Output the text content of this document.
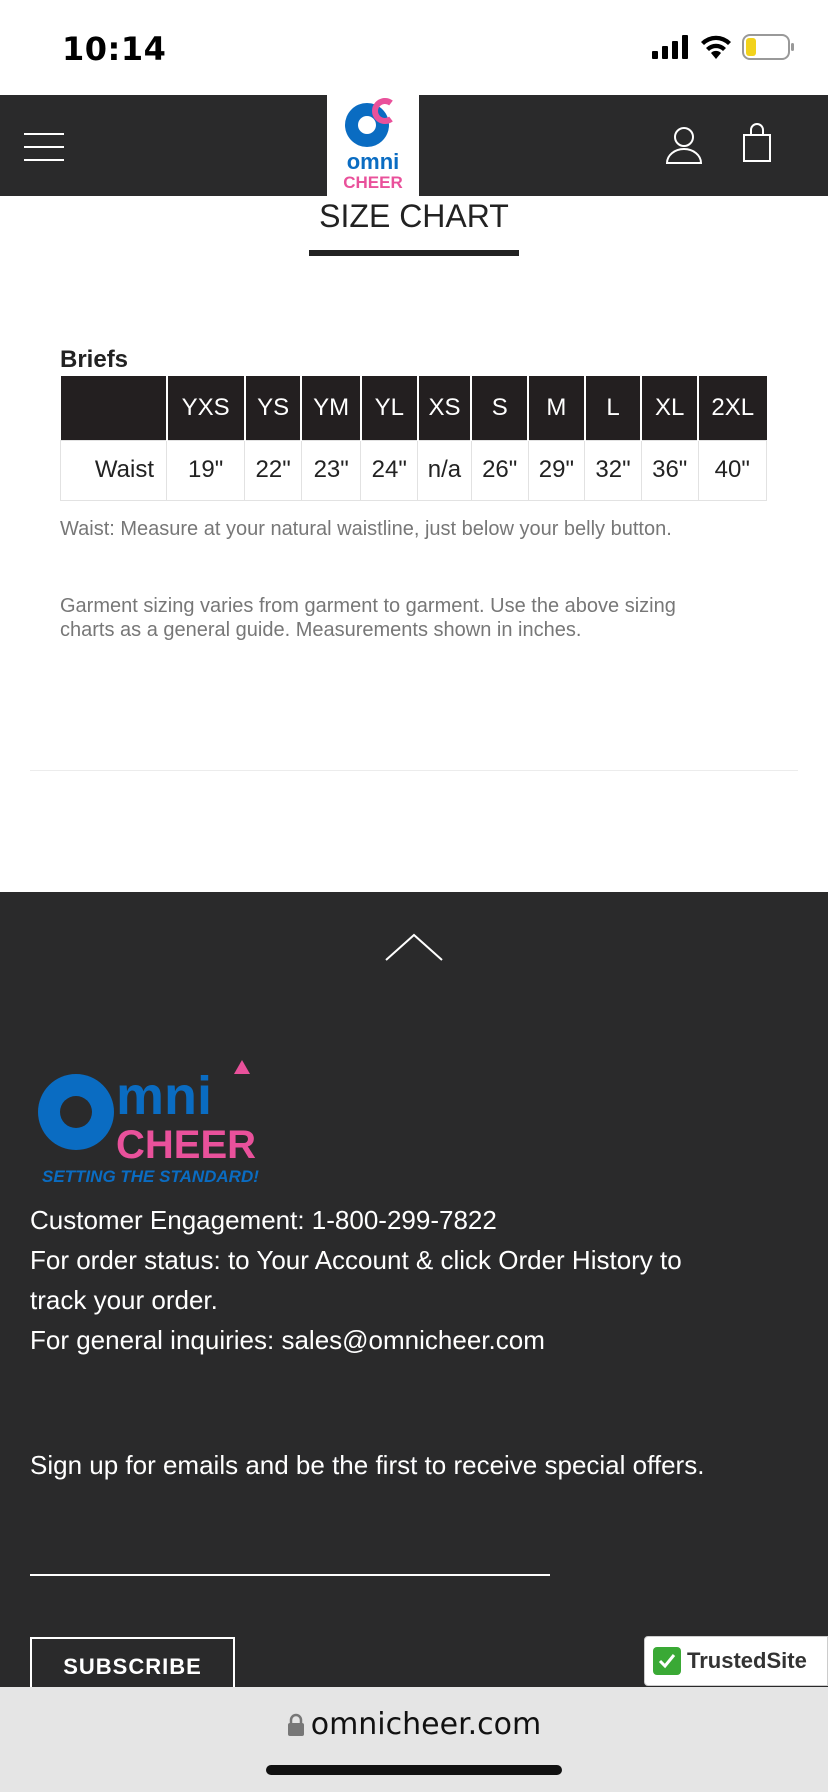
10:14
omni
CHEER
SIZE CHART
Briefs
	YXS	YS	YM	YL	XS	S	M	L	XL	2XL
Waist	19"	22"	23"	24"	n/a	26"	29"	32"	36"	40"
Waist: Measure at your natural waistline, just below your belly button.
Garment sizing varies from garment to garment. Use the above sizing
charts as a general guide. Measurements shown in inches.
mni
CHEER
SETTING THE STANDARD!
Customer Engagement: 1-800-299-7822
For order status: to Your Account & click Order History to
track your order.
For general inquiries: sales@omnicheer.com
Sign up for emails and be the first to receive special offers.
SUBSCRIBE	TrustedSite
omnicheer.com
